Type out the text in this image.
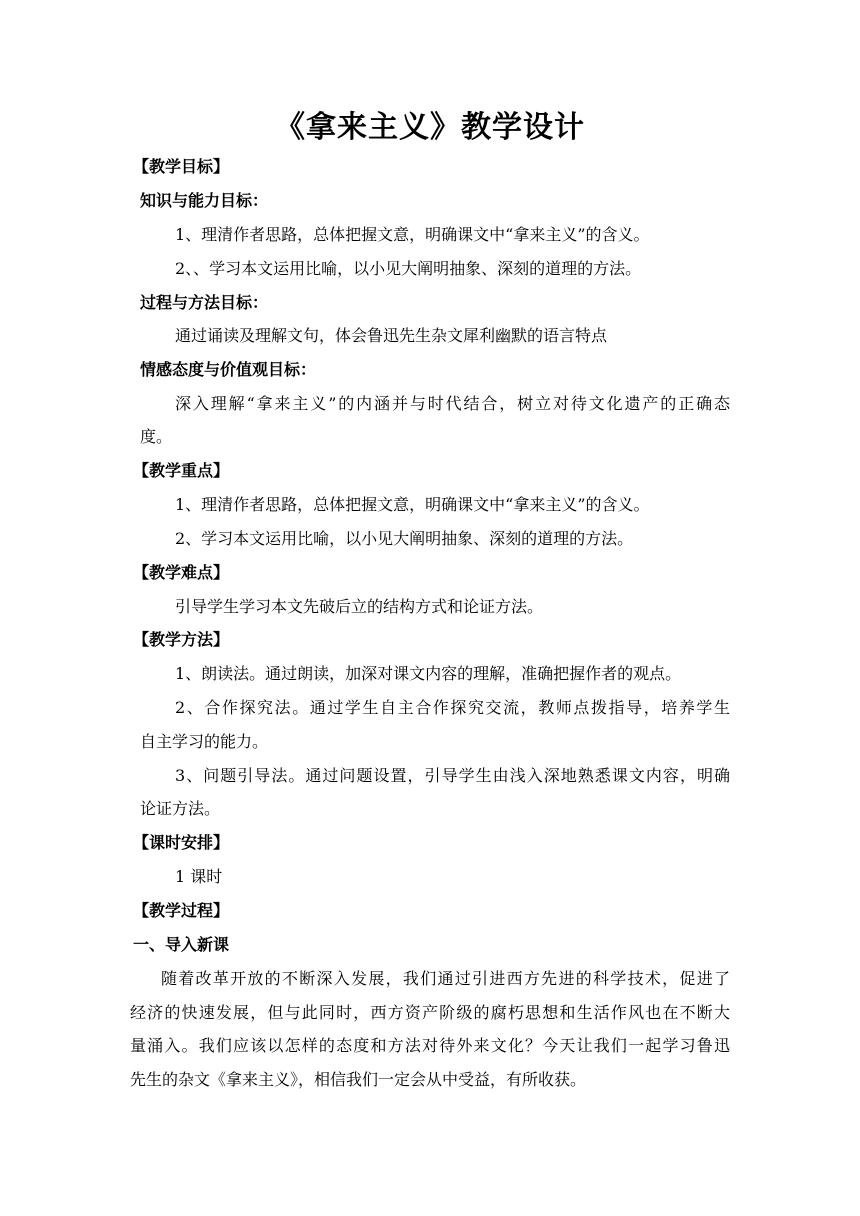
《拿来主义》教学设计
【教学目标】
知识与能力目标：
1、理清作者思路，总体把握文意，明确课文中“拿来主义”的含义。
2、、学习本文运用比喻，以小见大阐明抽象、深刻的道理的方法。
过程与方法目标：
通过诵读及理解文句，体会鲁迅先生杂文犀利幽默的语言特点
情感态度与价值观目标：
深入理解“拿来主义”的内涵并与时代结合，树立对待文化遗产的正确态
度。
【教学重点】
1、理清作者思路，总体把握文意，明确课文中“拿来主义”的含义。
2、学习本文运用比喻，以小见大阐明抽象、深刻的道理的方法。
【教学难点】
引导学生学习本文先破后立的结构方式和论证方法。
【教学方法】
1、朗读法。通过朗读，加深对课文内容的理解，准确把握作者的观点。
2、合作探究法。通过学生自主合作探究交流，教师点拨指导，培养学生
自主学习的能力。
3、问题引导法。通过问题设置，引导学生由浅入深地熟悉课文内容，明确
论证方法。
【课时安排】
1 课时
【教学过程】
一、导入新课
随着改革开放的不断深入发展，我们通过引进西方先进的科学技术，促进了
经济的快速发展，但与此同时，西方资产阶级的腐朽思想和生活作风也在不断大
量涌入。我们应该以怎样的态度和方法对待外来文化？今天让我们一起学习鲁迅
先生的杂文《拿来主义》，相信我们一定会从中受益，有所收获。
